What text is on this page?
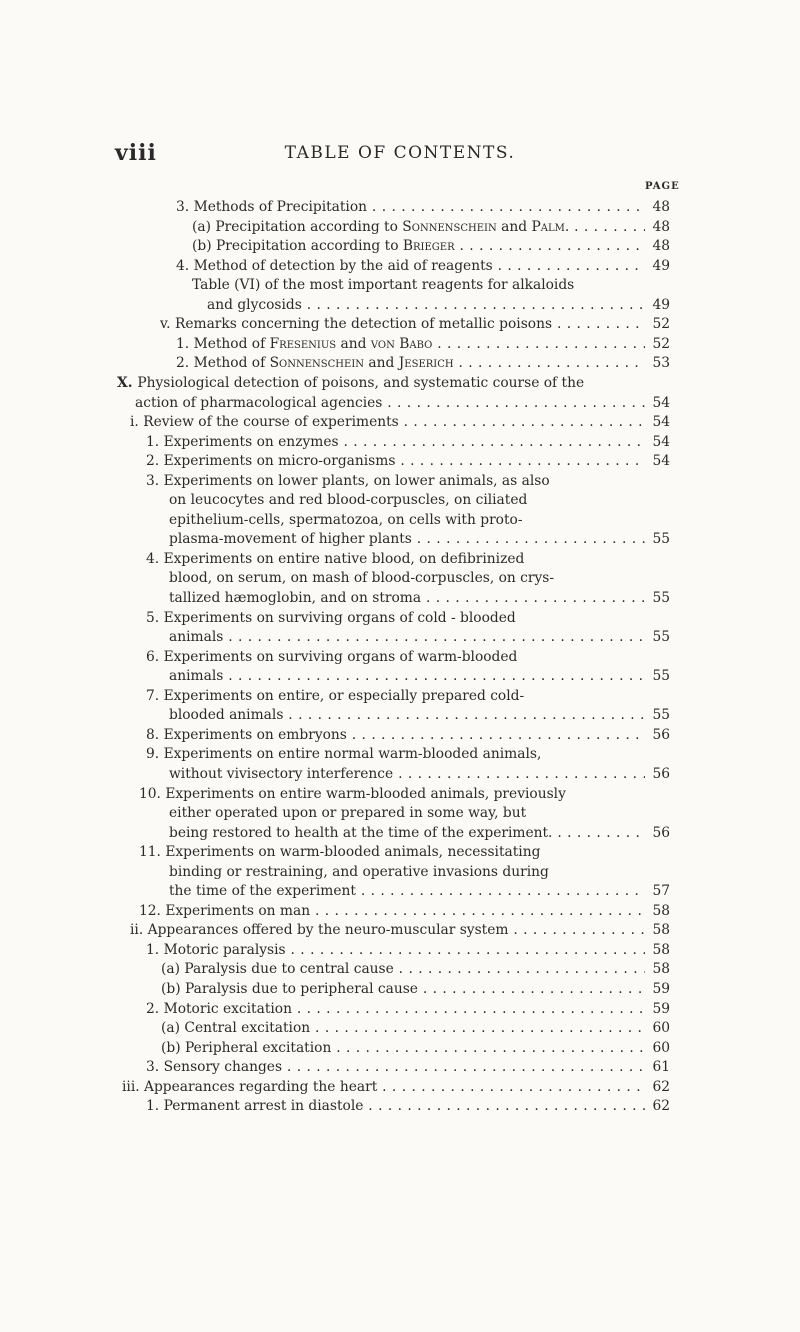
viii	TABLE OF CONTENTS.
PAGE
3. Methods of Precipitation . . .	48
(a) Precipitation according to Sonnenschein and Palm. . . .	48
(b) Precipitation according to Brieger . . .	48
4. Method of detection by the aid of reagents . . .	49
Table (VI) of the most important reagents for alkaloids
and glycosids . . .	49
v. Remarks concerning the detection of metallic poisons . . .	52
1. Method of Fresenius and von Babo . . .	52
2. Method of Sonnenschein and Jeserich . . .	53
X. Physiological detection of poisons, and systematic course of the
action of pharmacological agencies . . .	54
i. Review of the course of experiments . . .	54
1. Experiments on enzymes . . .	54
2. Experiments on micro-organisms . . .	54
3. Experiments on lower plants, on lower animals, as also
on leucocytes and red blood-corpuscles, on ciliated
epithelium-cells, spermatozoa, on cells with proto-
plasma-movement of higher plants . . .	55
4. Experiments on entire native blood, on defibrinized
blood, on serum, on mash of blood-corpuscles, on crys-
tallized hæmoglobin, and on stroma . . .	55
5. Experiments on surviving organs of cold - blooded
animals . . .	55
6. Experiments on surviving organs of warm-blooded
animals . . .	55
7. Experiments on entire, or especially prepared cold-
blooded animals . . .	55
8. Experiments on embryons . . .	56
9. Experiments on entire normal warm-blooded animals,
without vivisectory interference . . .	56
10. Experiments on entire warm-blooded animals, previously
either operated upon or prepared in some way, but
being restored to health at the time of the experiment. . . .	56
11. Experiments on warm-blooded animals, necessitating
binding or restraining, and operative invasions during
the time of the experiment . . .	57
12. Experiments on man . . .	58
ii. Appearances offered by the neuro-muscular system . . .	58
1. Motoric paralysis . . .	58
(a) Paralysis due to central cause . . .	58
(b) Paralysis due to peripheral cause . . .	59
2. Motoric excitation . . .	59
(a) Central excitation . . .	60
(b) Peripheral excitation . . .	60
3. Sensory changes . . .	61
iii. Appearances regarding the heart . . .	62
1. Permanent arrest in diastole . . .	62
